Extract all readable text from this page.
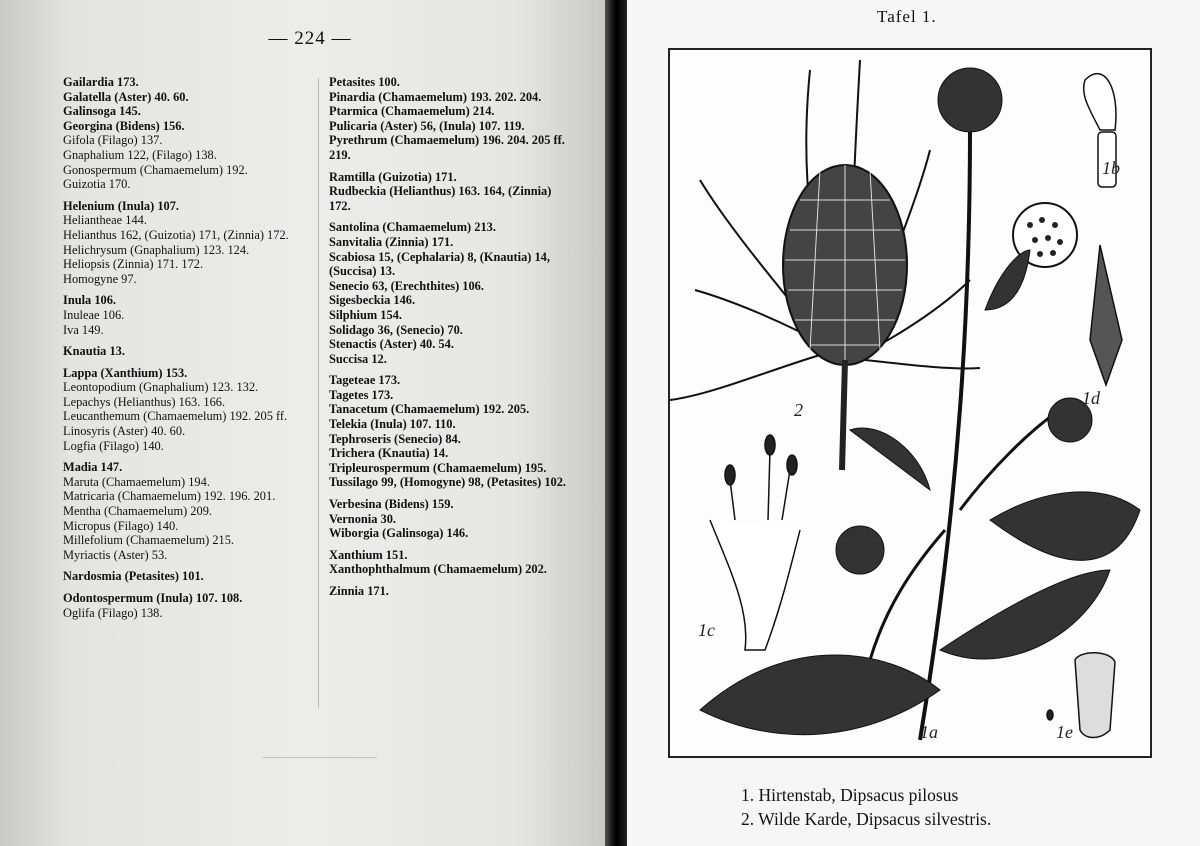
— 224 —
Gailardia 173.
Galatella (Aster) 40. 60.
Galinsoga 145.
Georgina (Bidens) 156.
Gifola (Filago) 137.
Gnaphalium 122, (Filago) 138.
Gonospermum (Chamaemelum) 192.
Guizotia 170.
Helenium (Inula) 107.
Heliantheae 144.
Helianthus 162, (Guizotia) 171, (Zinnia) 172.
Helichrysum (Gnaphalium) 123. 124.
Heliopsis (Zinnia) 171. 172.
Homogyne 97.
Inula 106.
Inuleae 106.
Iva 149.
Knautia 13.
Lappa (Xanthium) 153.
Leontopodium (Gnaphalium) 123. 132.
Lepachys (Helianthus) 163. 166.
Leucanthemum (Chamaemelum) 192. 205 ff.
Linosyris (Aster) 40. 60.
Logfia (Filago) 140.
Madia 147.
Maruta (Chamaemelum) 194.
Matricaria (Chamaemelum) 192. 196. 201.
Mentha (Chamaemelum) 209.
Micropus (Filago) 140.
Millefolium (Chamaemelum) 215.
Myriactis (Aster) 53.
Nardosmia (Petasites) 101.
Odontospermum (Inula) 107. 108.
Oglifa (Filago) 138.
Petasites 100.
Pinardia (Chamaemelum) 193. 202. 204.
Ptarmica (Chamaemelum) 214.
Pulicaria (Aster) 56, (Inula) 107. 119.
Pyrethrum (Chamaemelum) 196. 204. 205 ff. 219.
Ramtilla (Guizotia) 171.
Rudbeckia (Helianthus) 163. 164, (Zinnia) 172.
Santolina (Chamaemelum) 213.
Sanvitalia (Zinnia) 171.
Scabiosa 15, (Cephalaria) 8, (Knautia) 14, (Succisa) 13.
Senecio 63, (Erechthites) 106.
Sigesbeckia 146.
Silphium 154.
Solidago 36, (Senecio) 70.
Stenactis (Aster) 40. 54.
Succisa 12.
Tageteae 173.
Tagetes 173.
Tanacetum (Chamaemelum) 192. 205.
Telekia (Inula) 107. 110.
Tephroseris (Senecio) 84.
Trichera (Knautia) 14.
Tripleurospermum (Chamaemelum) 195.
Tussilago 99, (Homogyne) 98, (Petasites) 102.
Verbesina (Bidens) 159.
Vernonia 30.
Wiborgia (Galinsoga) 146.
Xanthium 151.
Xanthophthalmum (Chamaemelum) 202.
Zinnia 171.
Tafel 1.
1b
1d
2
1c
1a	1e
1. Hirtenstab, Dipsacus pilosus
2. Wilde Karde, Dipsacus silvestris.
